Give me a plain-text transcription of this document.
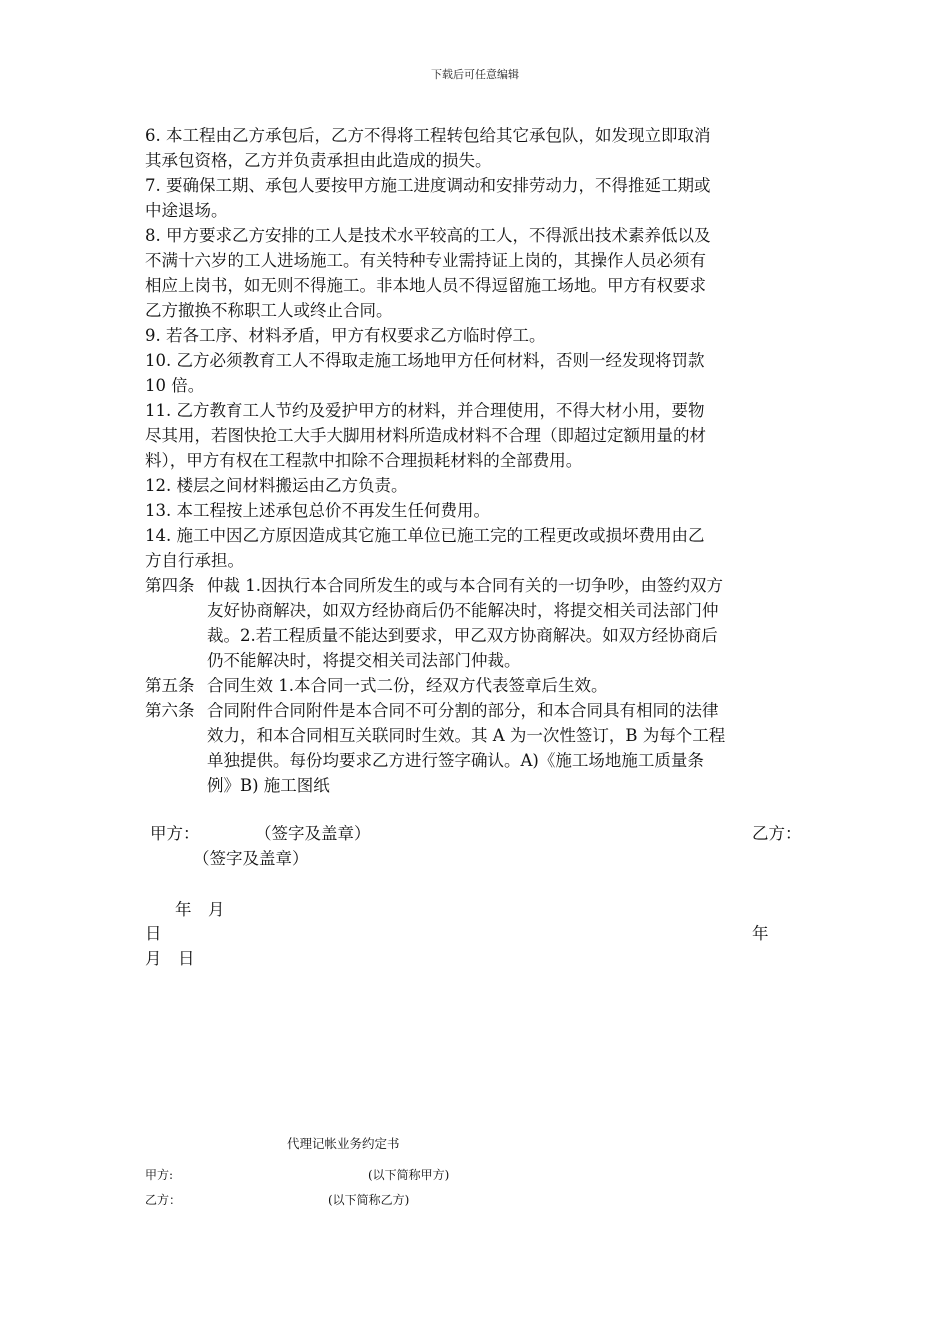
下载后可任意编辑
6. 本工程由乙方承包后，乙方不得将工程转包给其它承包队，如发现立即取消
其承包资格，乙方并负责承担由此造成的损失。
7. 要确保工期、承包人要按甲方施工进度调动和安排劳动力，不得推延工期或
中途退场。
8. 甲方要求乙方安排的工人是技术水平较高的工人，不得派出技术素养低以及
不满十六岁的工人进场施工。有关特种专业需持证上岗的，其操作人员必须有
相应上岗书，如无则不得施工。非本地人员不得逗留施工场地。甲方有权要求
乙方撤换不称职工人或终止合同。
9. 若各工序、材料矛盾，甲方有权要求乙方临时停工。
10. 乙方必须教育工人不得取走施工场地甲方任何材料，否则一经发现将罚款
10 倍。
11. 乙方教育工人节约及爱护甲方的材料，并合理使用，不得大材小用，要物
尽其用，若图快抢工大手大脚用材料所造成材料不合理（即超过定额用量的材
料），甲方有权在工程款中扣除不合理损耗材料的全部费用。
12. 楼层之间材料搬运由乙方负责。
13. 本工程按上述承包总价不再发生任何费用。
14. 施工中因乙方原因造成其它施工单位已施工完的工程更改或损坏费用由乙
方自行承担。
第四条 仲裁 1.因执行本合同所发生的或与本合同有关的一切争吵，由签约双方
友好协商解决，如双方经协商后仍不能解决时，将提交相关司法部门仲
裁。2.若工程质量不能达到要求，甲乙双方协商解决。如双方经协商后
仍不能解决时，将提交相关司法部门仲裁。
第五条 合同生效 1.本合同一式二份，经双方代表签章后生效。
第六条 合同附件合同附件是本合同不可分割的部分，和本合同具有相同的法律
效力，和本合同相互关联同时生效。其 A 为一次性签订，B 为每个工程
单独提供。每份均要求乙方进行签字确认。A)《施工场地施工质量条
例》B) 施工图纸
甲方：	（签字及盖章）	乙方：
（签字及盖章）
年　月
日	年
月　日
代理记帐业务约定书
甲方:	(以下简称甲方)
乙方：	(以下简称乙方)
